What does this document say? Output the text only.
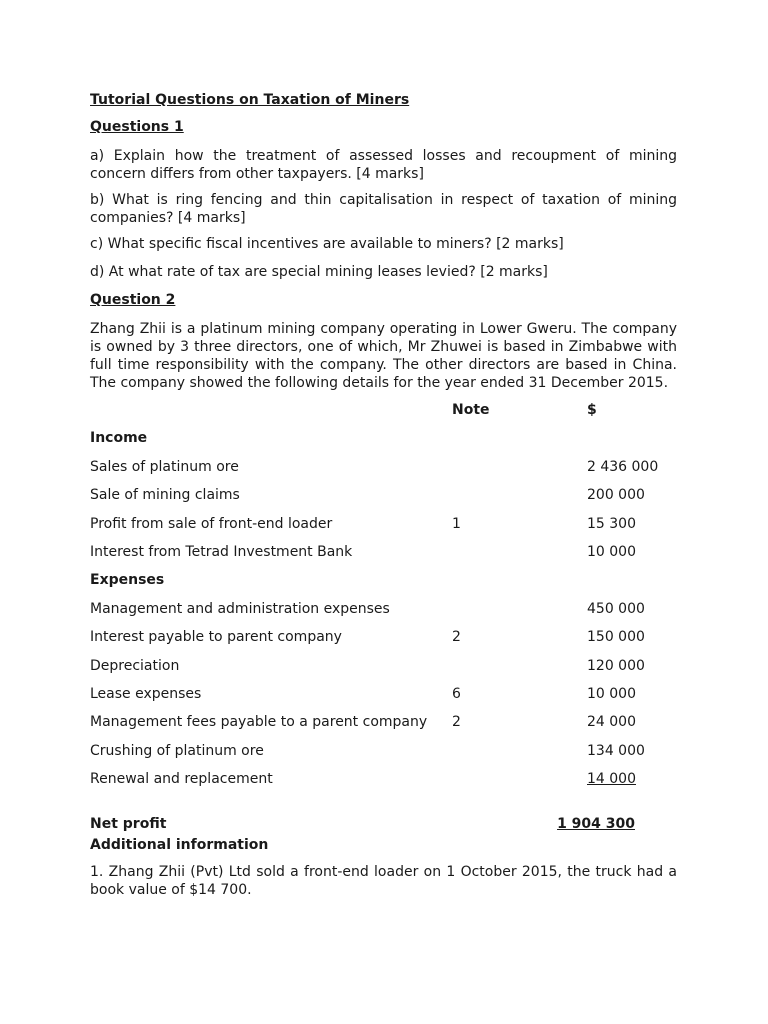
Tutorial Questions on Taxation of Miners
Questions 1
a) Explain how the treatment of assessed losses and recoupment of mining concern differs from other taxpayers. [4 marks]
b) What is ring fencing and thin capitalisation in respect of taxation of mining companies? [4 marks]
c) What specific fiscal incentives are available to miners? [2 marks]
d) At what rate of tax are special mining leases levied? [2 marks]
Question 2
Zhang Zhii is a platinum mining company operating in Lower Gweru. The company is owned by 3 three directors, one of which, Mr Zhuwei is based in Zimbabwe with full time responsibility with the company. The other directors are based in China. The company showed the following details for the year ended 31 December 2015.
Note	$
Income
Sales of platinum ore	2 436 000
Sale of mining claims	200 000
Profit from sale of front-end loader	1	15 300
Interest from Tetrad Investment Bank	10 000
Expenses
Management and administration expenses	450 000
Interest payable to parent company	2	150 000
Depreciation	120 000
Lease expenses	6	10 000
Management fees payable to a parent company 2	24 000
Crushing of platinum ore	134 000
Renewal and replacement	14 000
Net profit	1 904 300
Additional information
1. Zhang Zhii (Pvt) Ltd sold a front-end loader on 1 October 2015, the truck had a book value of $14 700.
